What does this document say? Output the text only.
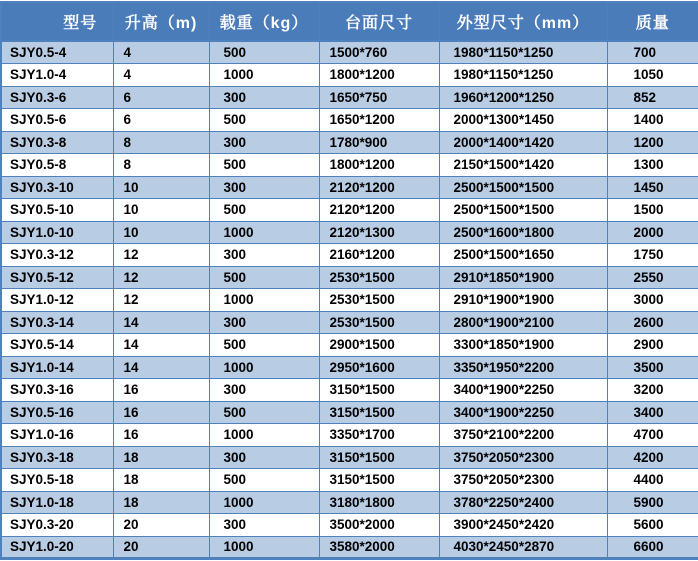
型号	升高（m)	载重（kg）	台面尺寸	外型尺寸（mm）	质量
SJY0.5-4	4	500	1500*760	1980*1150*1250	700
SJY1.0-4	4	1000	1800*1200	1980*1150*1250	1050
SJY0.3-6	6	300	1650*750	1960*1200*1250	852
SJY0.5-6	6	500	1650*1200	2000*1300*1450	1400
SJY0.3-8	8	300	1780*900	2000*1400*1420	1200
SJY0.5-8	8	500	1800*1200	2150*1500*1420	1300
SJY0.3-10	10	300	2120*1200	2500*1500*1500	1450
SJY0.5-10	10	500	2120*1200	2500*1500*1500	1500
SJY1.0-10	10	1000	2120*1300	2500*1600*1800	2000
SJY0.3-12	12	300	2160*1200	2500*1500*1650	1750
SJY0.5-12	12	500	2530*1500	2910*1850*1900	2550
SJY1.0-12	12	1000	2530*1500	2910*1900*1900	3000
SJY0.3-14	14	300	2530*1500	2800*1900*2100	2600
SJY0.5-14	14	500	2900*1500	3300*1850*1900	2900
SJY1.0-14	14	1000	2950*1600	3350*1950*2200	3500
SJY0.3-16	16	300	3150*1500	3400*1900*2250	3200
SJY0.5-16	16	500	3150*1500	3400*1900*2250	3400
SJY1.0-16	16	1000	3350*1700	3750*2100*2200	4700
SJY0.3-18	18	300	3150*1500	3750*2050*2300	4200
SJY0.5-18	18	500	3150*1500	3750*2050*2300	4400
SJY1.0-18	18	1000	3180*1800	3780*2250*2400	5900
SJY0.3-20	20	300	3500*2000	3900*2450*2420	5600
SJY1.0-20	20	1000	3580*2000	4030*2450*2870	6600
